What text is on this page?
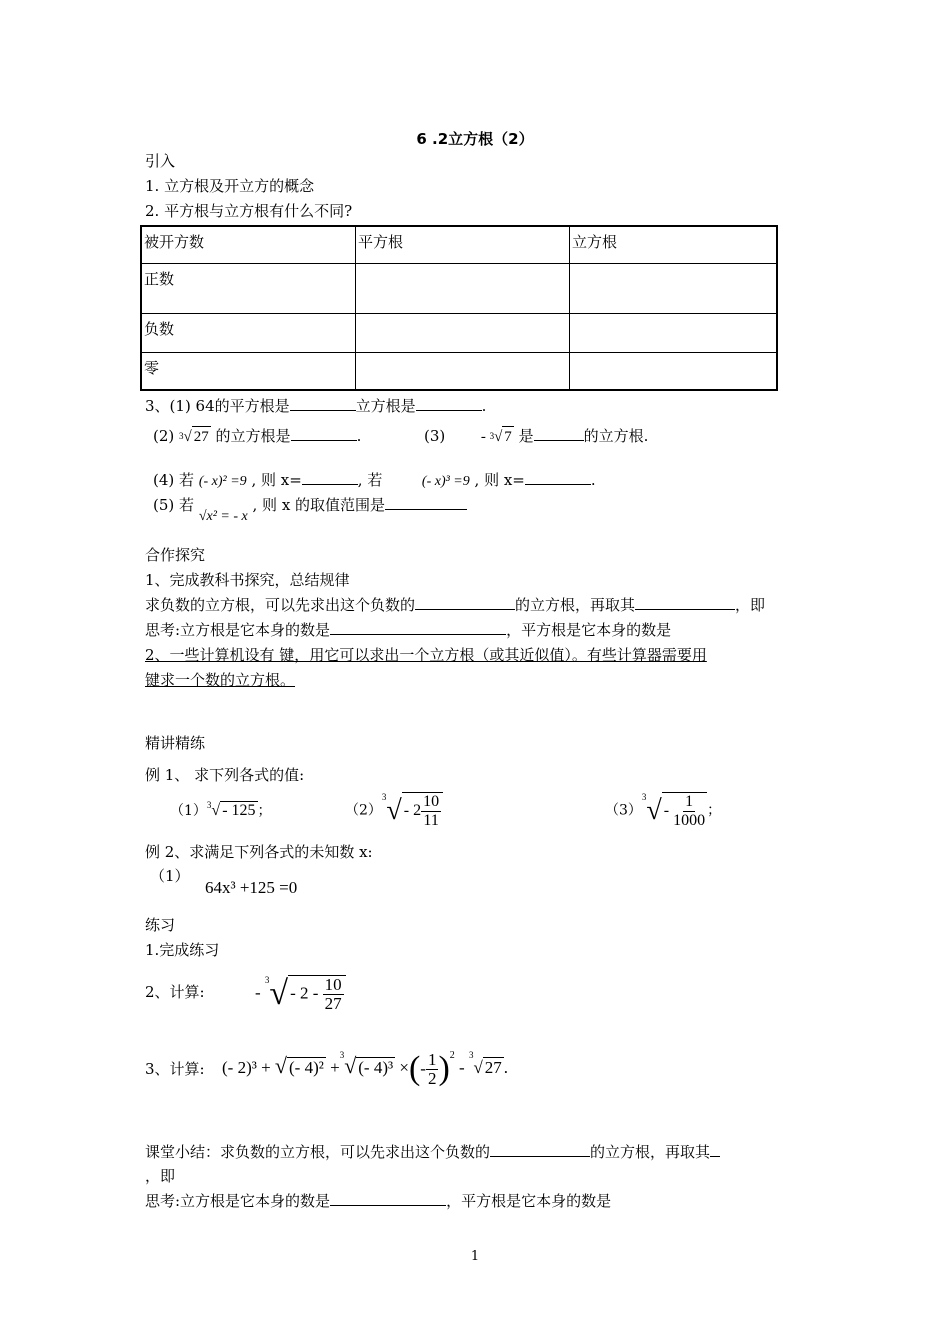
6 .2立方根（2）
引入
1. 立方根及开立方的概念
2. 平方根与立方根有什么不同?
被开方数	平方根	立方根
正数		
负数		
零		
3、(1) 64的平方根是	立方根是	.
(2) $^3$√ 27 的立方根是	.	(3) - $^3$√ 7 是	的立方根.
(4) 若 (- x)² =9 , 则 x=	, 若	(- x)³ =9 , 则 x=	.
(5) 若 √x² = - x , 则 x 的取值范围是
合作探究
1、完成教科书探究，总结规律
求负数的立方根，可以先求出这个负数的	的立方根，再取其	，即
思考:立方根是它本身的数是	，平方根是它本身的数是
2、一些计算机设有 键，用它可以求出一个立方根（或其近似值）。有些计算器需要用
键求一个数的立方根。
精讲精练
例 1、 求下列各式的值:
$(1)^3√ - 125$ ；	$(2)^3√ - 2 \frac{10}{11}$	$(3)^3√ - \frac{1}{1000}$ ；
例 2、求满足下列各式的未知数 x:
（1）
64x³ +125 =0
练习
1.完成练习
2、计算:	- $^3√ - 2 - \frac{10}{27}$
3、计算: (- 2)³ + √ (- 4)² +$^3$√ (- 4)³ ×(- $\frac{1}{2} )^2 - ^3√$ 27 .
课堂小结：求负数的立方根，可以先求出这个负数的	的立方根，再取其
，即
思考:立方根是它本身的数是	，平方根是它本身的数是
1
